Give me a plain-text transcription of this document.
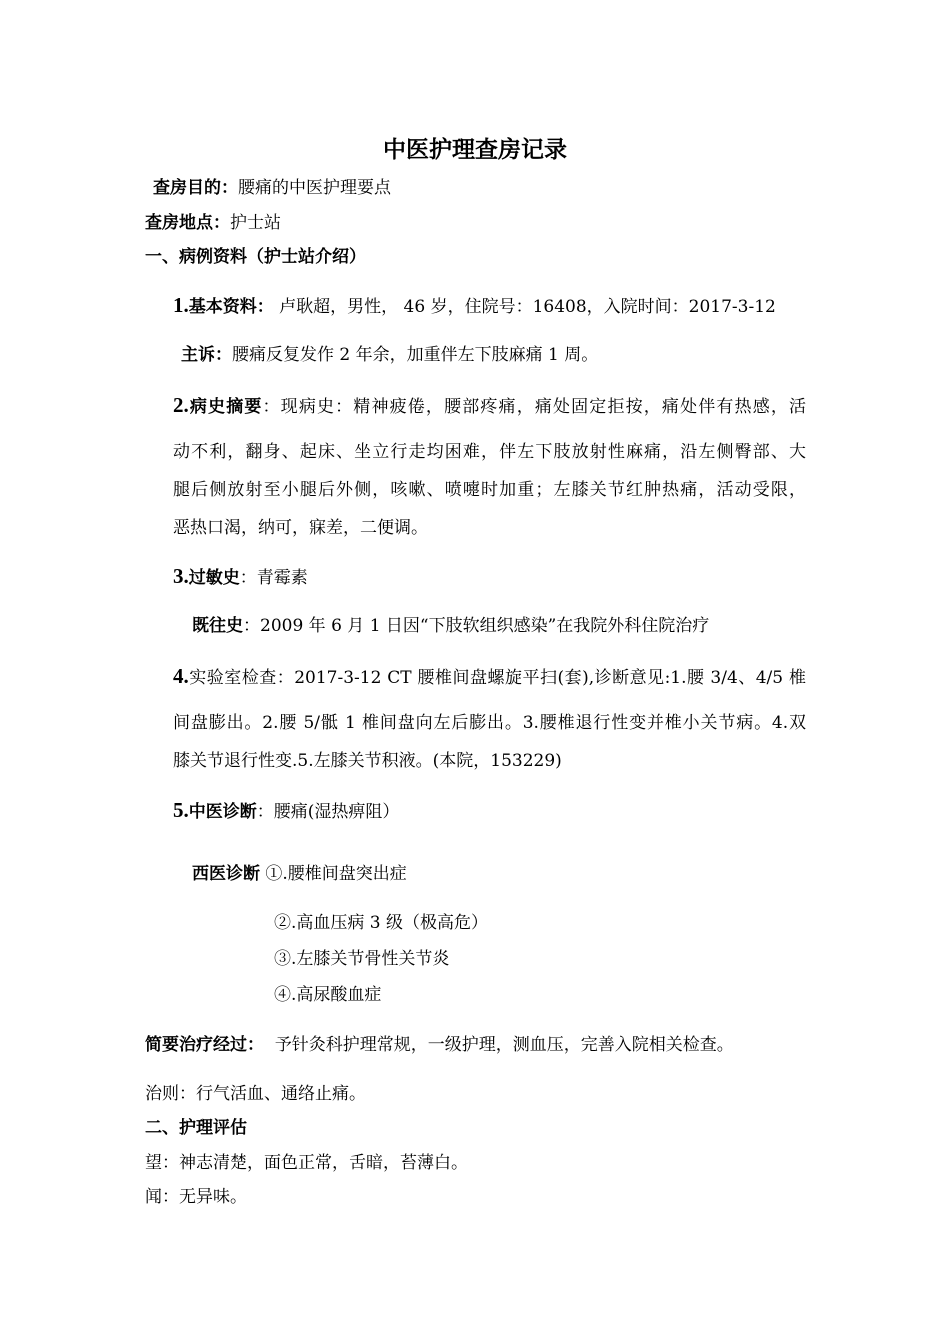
中医护理查房记录
查房目的：腰痛的中医护理要点
查房地点：护士站
一、病例资料（护士站介绍）
1.基本资料： 卢耿超，男性， 46 岁，住院号：16408，入院时间：2017-3-12
主诉：腰痛反复发作 2 年余，加重伴左下肢麻痛 1 周。
2.病史摘要：现病史：精神疲倦，腰部疼痛，痛处固定拒按，痛处伴有热感，活
动不利，翻身、起床、坐立行走均困难，伴左下肢放射性麻痛，沿左侧臀部、大
腿后侧放射至小腿后外侧，咳嗽、喷嚏时加重；左膝关节红肿热痛，活动受限，
恶热口渴，纳可，寐差，二便调。
3.过敏史：青霉素
既往史：2009 年 6 月 1 日因“下肢软组织感染”在我院外科住院治疗
4.实验室检查：2017-3-12 CT 腰椎间盘螺旋平扫(套),诊断意见:1.腰 3/4、4/5 椎
间盘膨出。2.腰 5/骶 1 椎间盘向左后膨出。3.腰椎退行性变并椎小关节病。4.双
膝关节退行性变.5.左膝关节积液。(本院，153229)
5.中医诊断：腰痛(湿热痹阻）
西医诊断 ①.腰椎间盘突出症
②.高血压病 3 级（极高危）
③.左膝关节骨性关节炎
④.高尿酸血症
简要治疗经过： 予针灸科护理常规，一级护理，测血压，完善入院相关检查。
治则：行气活血、通络止痛。
二、护理评估
望：神志清楚，面色正常，舌暗，苔薄白。
闻：无异味。
